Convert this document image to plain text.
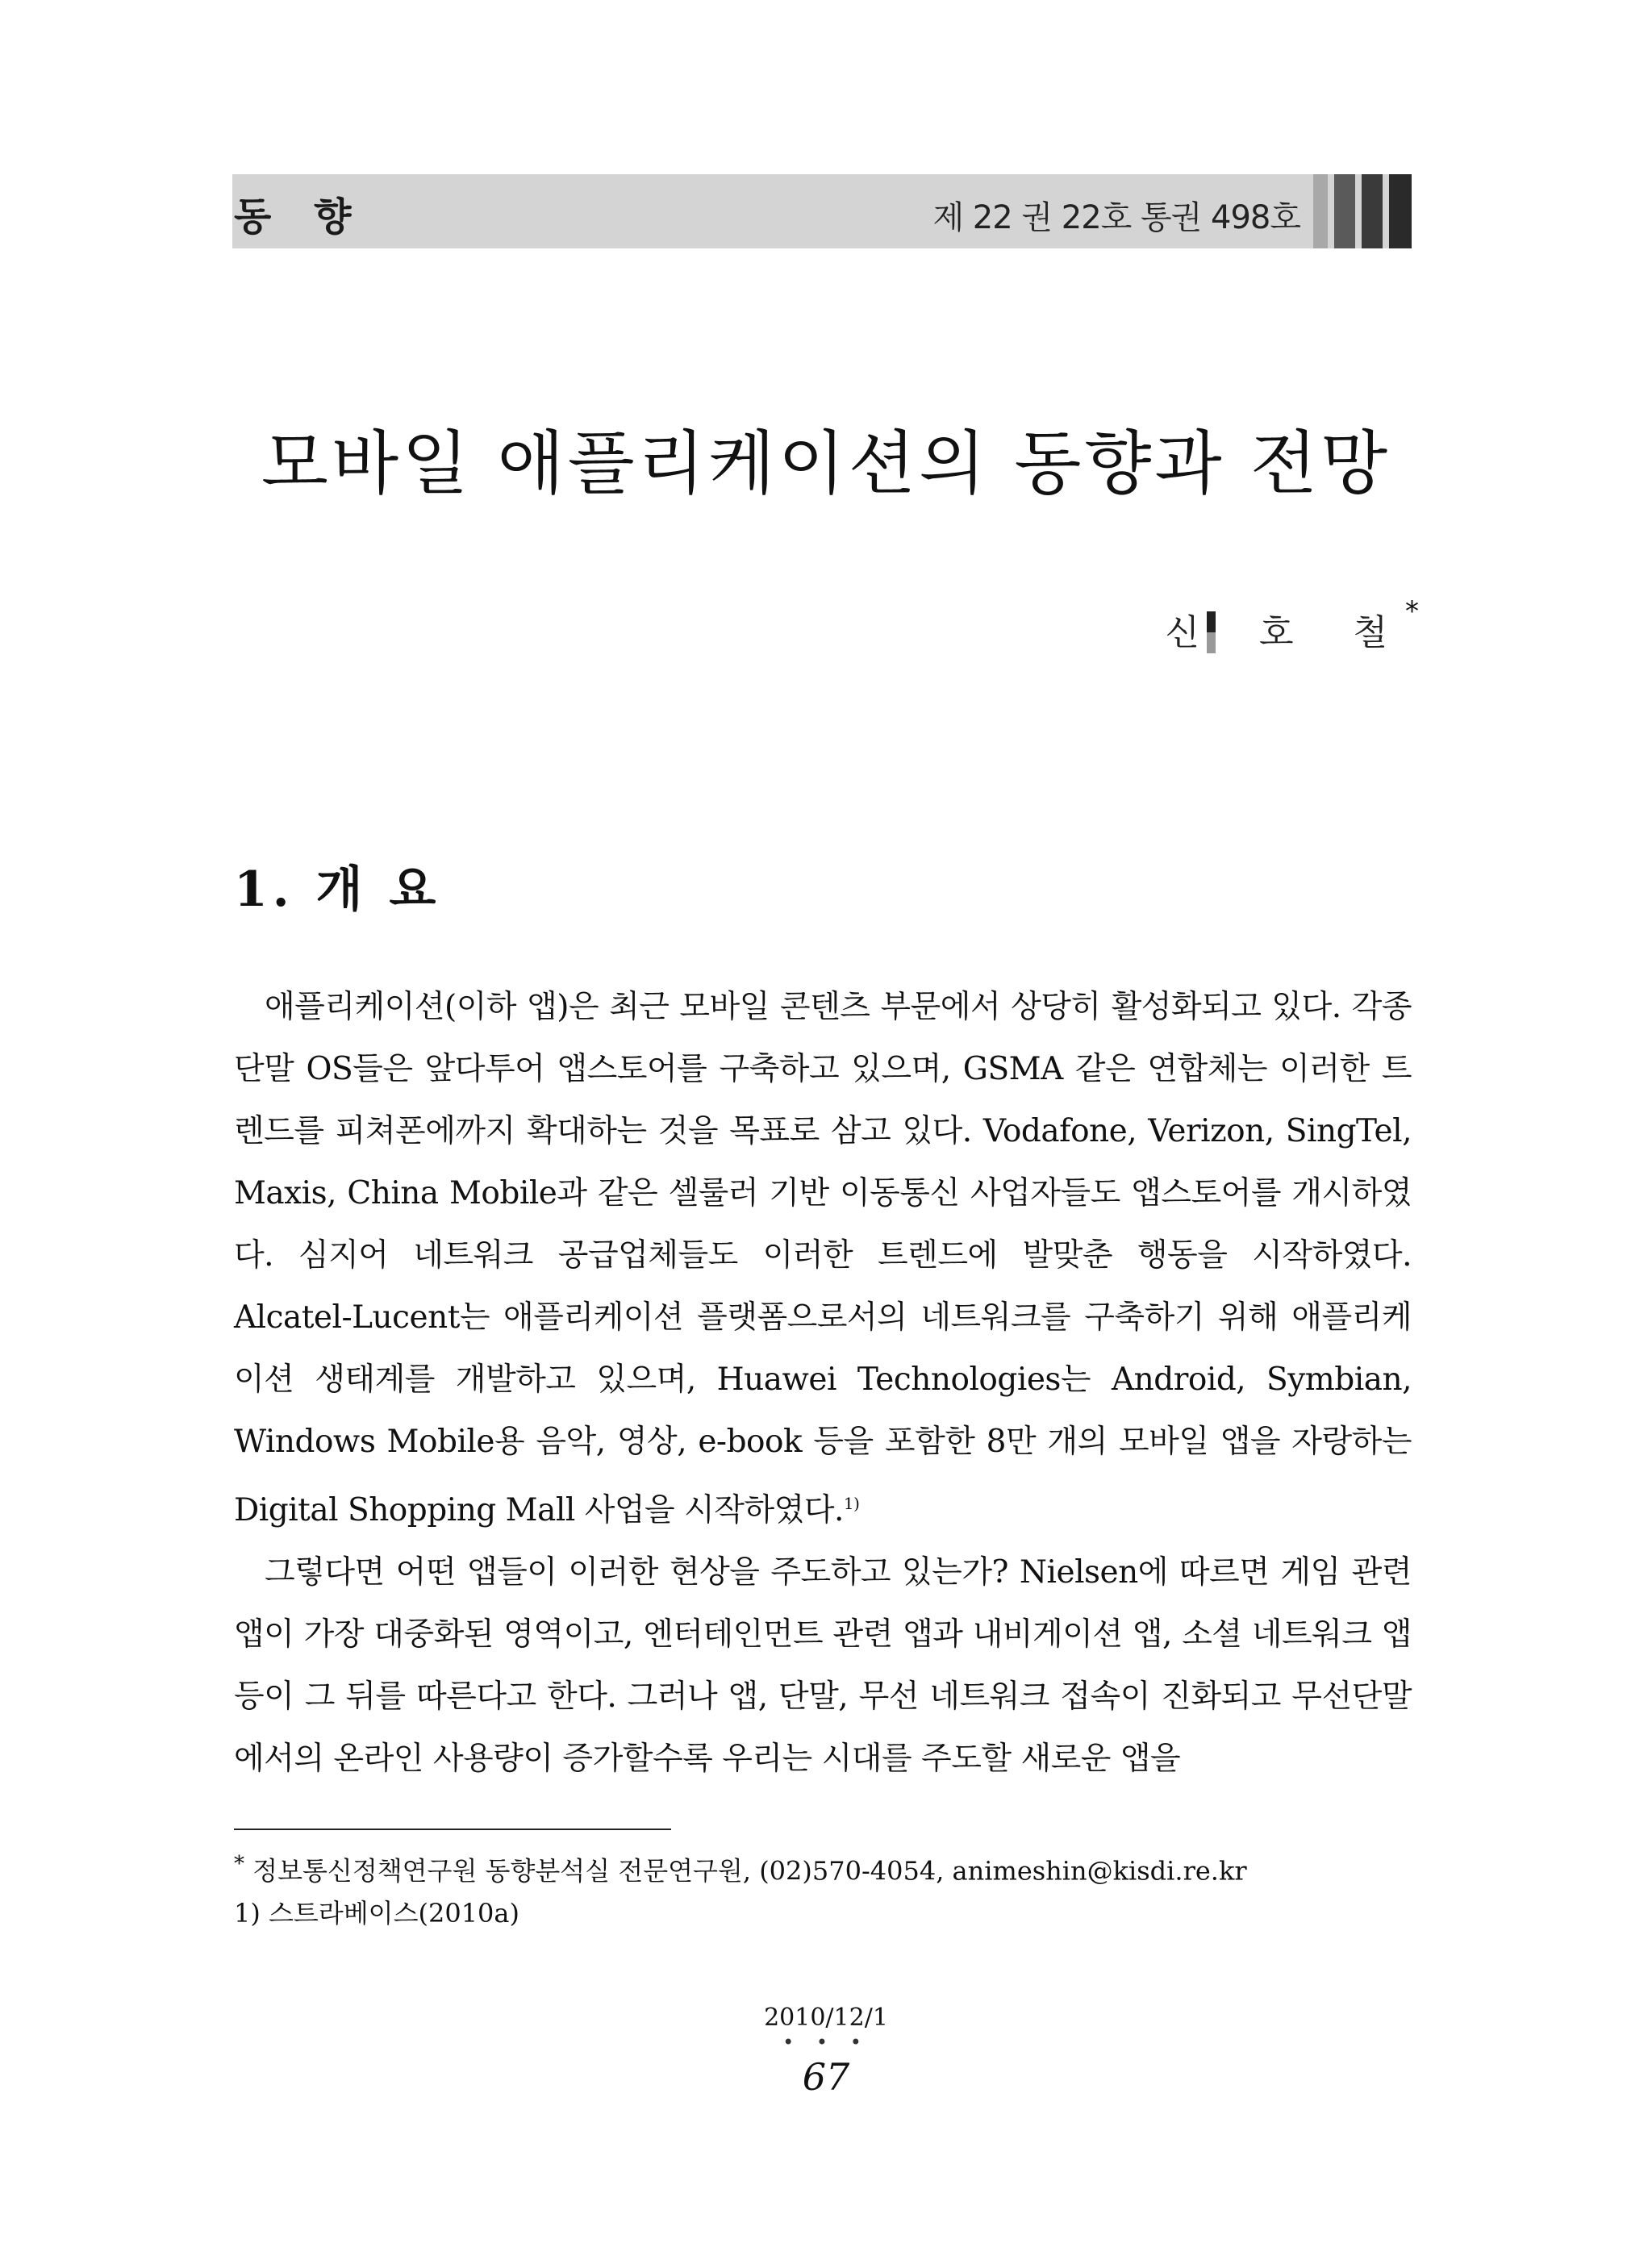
동 향	제 22 권 22호 통권 498호
모바일 애플리케이션의 동향과 전망
신 호 철
*
1. 개 요

애플리케이션(이하 앱)은 최근 모바일 콘텐츠 부문에서 상당히 활성화되고 있다. 각종 단말 OS들은 앞다투어 앱스토어를 구축하고 있으며, GSMA 같은 연합체는 이러한 트렌드를 피쳐폰에까지 확대하는 것을 목표로 삼고 있다. Vodafone, Verizon, SingTel, Maxis, China Mobile과 같은 셀룰러 기반 이동통신 사업자들도 앱스토어를 개시하였다. 심지어 네트워크 공급업체들도 이러한 트렌드에 발맞춘 행동을 시작하였다. Alcatel-Lucent는 애플리케이션 플랫폼으로서의 네트워크를 구축하기 위해 애플리케이션 생태계를 개발하고 있으며, Huawei Technologies는 Android, Symbian, Windows Mobile용 음악, 영상, e-book 등을 포함한 8만 개의 모바일 앱을 자랑하는 Digital Shopping Mall 사업을 시작하였다.$^{1)}$

그렇다면 어떤 앱들이 이러한 현상을 주도하고 있는가? Nielsen에 따르면 게임 관련 앱이 가장 대중화된 영역이고, 엔터테인먼트 관련 앱과 내비게이션 앱, 소셜 네트워크 앱 등이 그 뒤를 따른다고 한다. 그러나 앱, 단말, 무선 네트워크 접속이 진화되고 무선단말에서의 온라인 사용량이 증가할수록 우리는 시대를 주도할 새로운 앱을

* 정보통신정책연구원 동향분석실 전문연구원, (02)570-4054, animeshin@kisdi.re.kr
1) 스트라베이스(2010a)
2010/12/1
• • •
67
